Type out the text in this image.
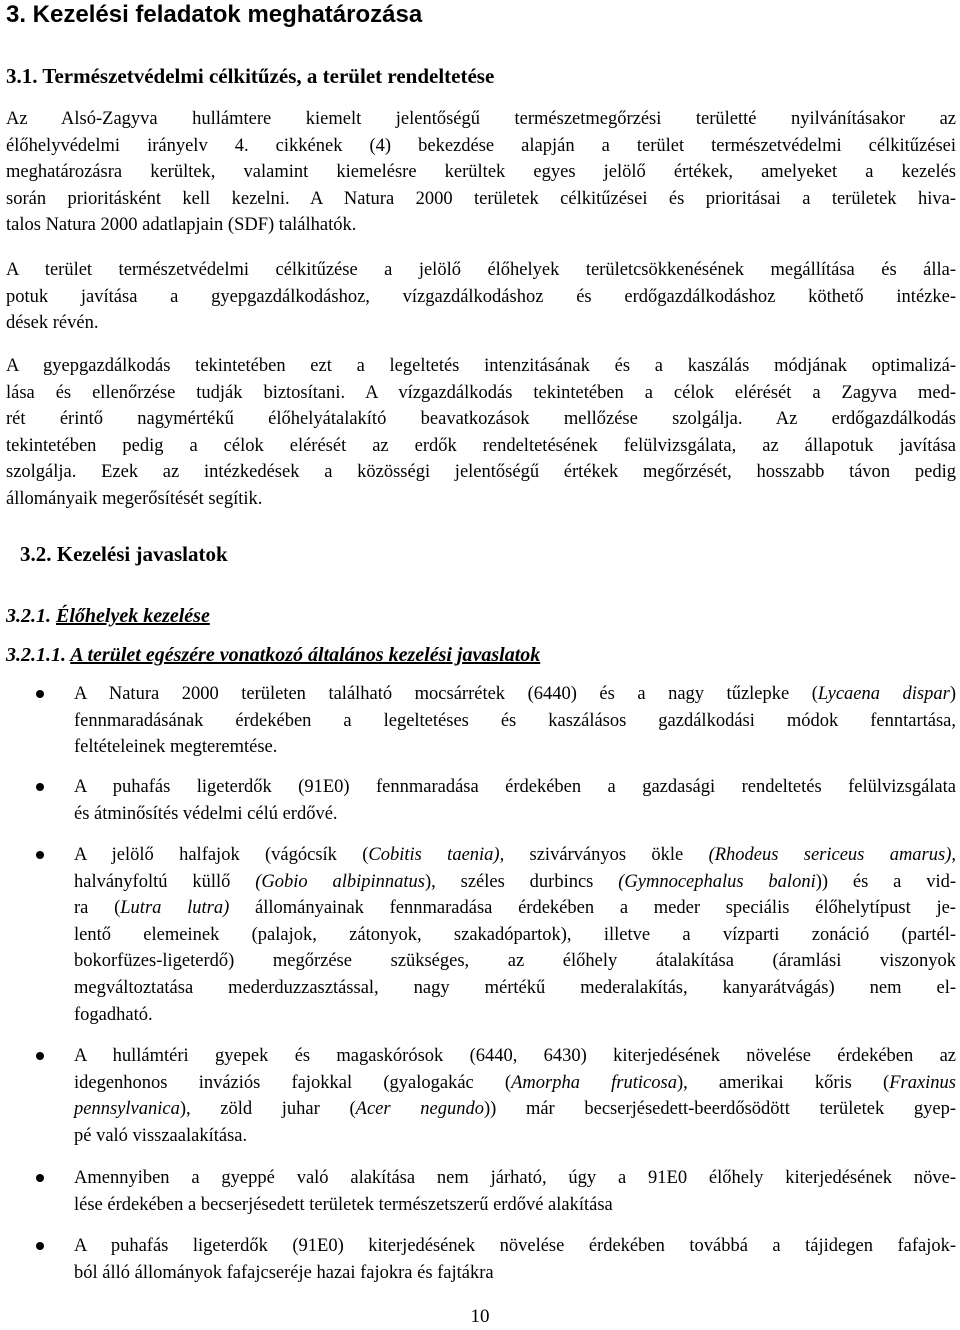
3. Kezelési feladatok meghatározása
3.1. Természetvédelmi célkitűzés, a terület rendeltetése
Az Alsó-Zagyva hullámtere kiemelt jelentőségű természetmegőrzési területté nyilvánításakor az
élőhelyvédelmi irányelv 4. cikkének (4) bekezdése alapján a terület természetvédelmi célkitűzései
meghatározásra kerültek, valamint kiemelésre kerültek egyes jelölő értékek, amelyeket a kezelés
során prioritásként kell kezelni. A Natura 2000 területek célkitűzései és prioritásai a területek hiva-
talos Natura 2000 adatlapjain (SDF) találhatók.
A terület természetvédelmi célkitűzése a jelölő élőhelyek területcsökkenésének megállítása és álla-
potuk javítása a gyepgazdálkodáshoz, vízgazdálkodáshoz és erdőgazdálkodáshoz köthető intézke-
dések révén.
A gyepgazdálkodás tekintetében ezt a legeltetés intenzitásának és a kaszálás módjának optimalizá-
lása és ellenőrzése tudják biztosítani. A vízgazdálkodás tekintetében a célok elérését a Zagyva med-
rét érintő nagymértékű élőhelyátalakító beavatkozások mellőzése szolgálja. Az erdőgazdálkodás
tekintetében pedig a célok elérését az erdők rendeltetésének felülvizsgálata, az állapotuk javítása
szolgálja. Ezek az intézkedések a közösségi jelentőségű értékek megőrzését, hosszabb távon pedig
állományaik megerősítését segítik.
3.2. Kezelési javaslatok
3.2.1. Élőhelyek kezelése
3.2.1.1. A terület egészére vonatkozó általános kezelési javaslatok
A Natura 2000 területen található mocsárrétek (6440) és a nagy tűzlepke (Lycaena dispar)
fennmaradásának érdekében a legeltetéses és kaszálásos gazdálkodási módok fenntartása,
feltételeinek megteremtése.
A puhafás ligeterdők (91E0) fennmaradása érdekében a gazdasági rendeltetés felülvizsgálata
és átminősítés védelmi célú erdővé.
A jelölő halfajok (vágócsík (Cobitis taenia), szivárványos ökle (Rhodeus sericeus amarus),
halványfoltú küllő (Gobio albipinnatus), széles durbincs (Gymnocephalus baloni)) és a vid-
ra (Lutra lutra) állományainak fennmaradása érdekében a meder speciális élőhelytípust je-
lentő elemeinek (palajok, zátonyok, szakadópartok), illetve a vízparti zonáció (partél-
bokorfüzes-ligeterdő) megőrzése szükséges, az élőhely átalakítása (áramlási viszonyok
megváltoztatása mederduzzasztással, nagy mértékű mederalakítás, kanyarátvágás) nem el-
fogadható.
A hullámtéri gyepek és magaskórósok (6440, 6430) kiterjedésének növelése érdekében az
idegenhonos inváziós fajokkal (gyalogakác (Amorpha fruticosa), amerikai kőris (Fraxinus
pennsylvanica), zöld juhar (Acer negundo)) már becserjésedett-beerdősödött területek gyep-
pé való visszaalakítása.
Amennyiben a gyeppé való alakítása nem járható, úgy a 91E0 élőhely kiterjedésének növe-
lése érdekében a becserjésedett területek természetszerű erdővé alakítása
A puhafás ligeterdők (91E0) kiterjedésének növelése érdekében továbbá a tájidegen fafajok-
ból álló állományok fafajcseréje hazai fajokra és fajtákra
10
